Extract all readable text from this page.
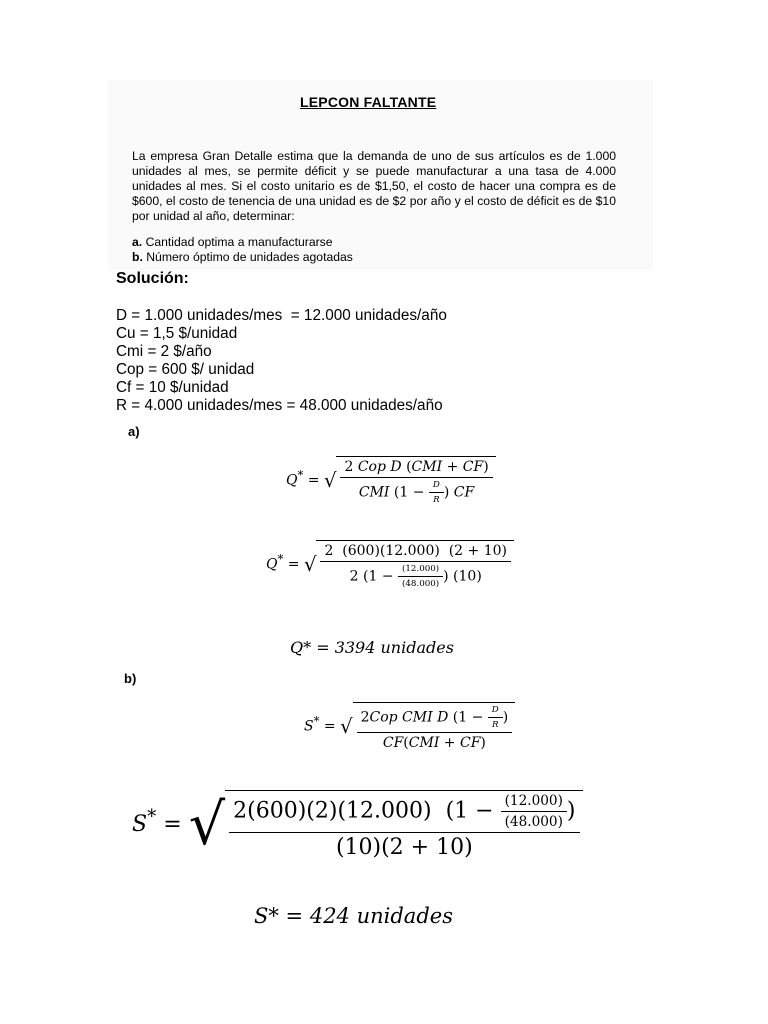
LEPCON FALTANTE
La empresa Gran Detalle estima que la demanda de uno de sus artículos es de 1.000 unidades al mes, se permite déficit y se puede manufacturar a una tasa de 4.000 unidades al mes. Si el costo unitario es de $1,50, el costo de hacer una compra es de $600, el costo de tenencia de una unidad es de $2 por año y el costo de déficit es de $10 por unidad al año, determinar:
a. Cantidad optima a manufacturarse
b. Número óptimo de unidades agotadas
Solución:
D = 1.000 unidades/mes  = 12.000 unidades/año
Cu = 1,5 $/unidad
Cmi = 2 $/año
Cop = 600 $/ unidad
Cf = 10 $/unidad
R = 4.000 unidades/mes = 48.000 unidades/año
a)
Q* = √ $\frac{\text{2 Cop D (CMI + CF)}}{CMI (1 - \frac{D}{R} ) CF}$
Q* = √ $\frac{2 (600)(12.000) (2 + 10)}{2 (1 - \frac{(12.000)}{(48.000)} ) (10)}$
Q* = 3394 unidades
b)
S* = √ $\frac{2Cop CMI D (1 - \frac{D}{R} )}{\text{CF(CMI + CF)}}$
S* = √ $\frac{2(600)(2)(12.000) (1 - \frac{(12.000)}{(48.000)} )}{(10)(2 + 10)}$
S* = 424 unidades
